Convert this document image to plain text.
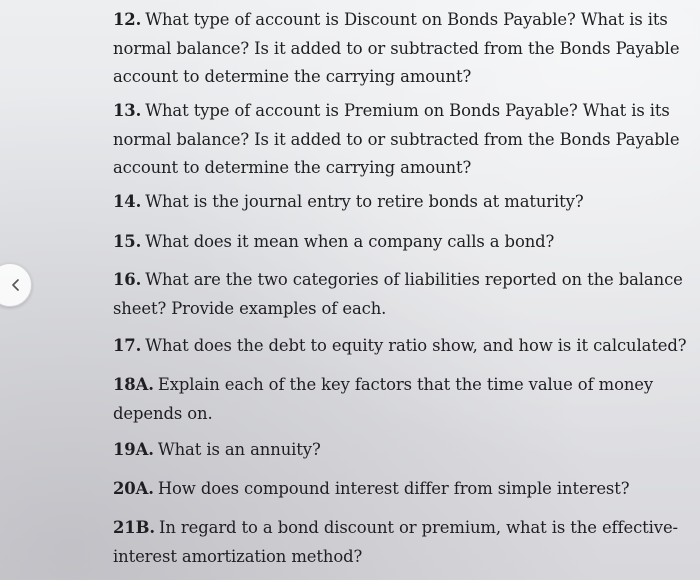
12. What type of account is Discount on Bonds Payable? What is its normal balance? Is it added to or subtracted from the Bonds Payable account to determine the carrying amount?
13. What type of account is Premium on Bonds Payable? What is its normal balance? Is it added to or subtracted from the Bonds Payable account to determine the carrying amount?
14. What is the journal entry to retire bonds at maturity?
15. What does it mean when a company calls a bond?
16. What are the two categories of liabilities reported on the balance sheet? Provide examples of each.
17. What does the debt to equity ratio show, and how is it calculated?
18A. Explain each of the key factors that the time value of money depends on.
19A. What is an annuity?
20A. How does compound interest differ from simple interest?
21B. In regard to a bond discount or premium, what is the effective-interest amortization method?
